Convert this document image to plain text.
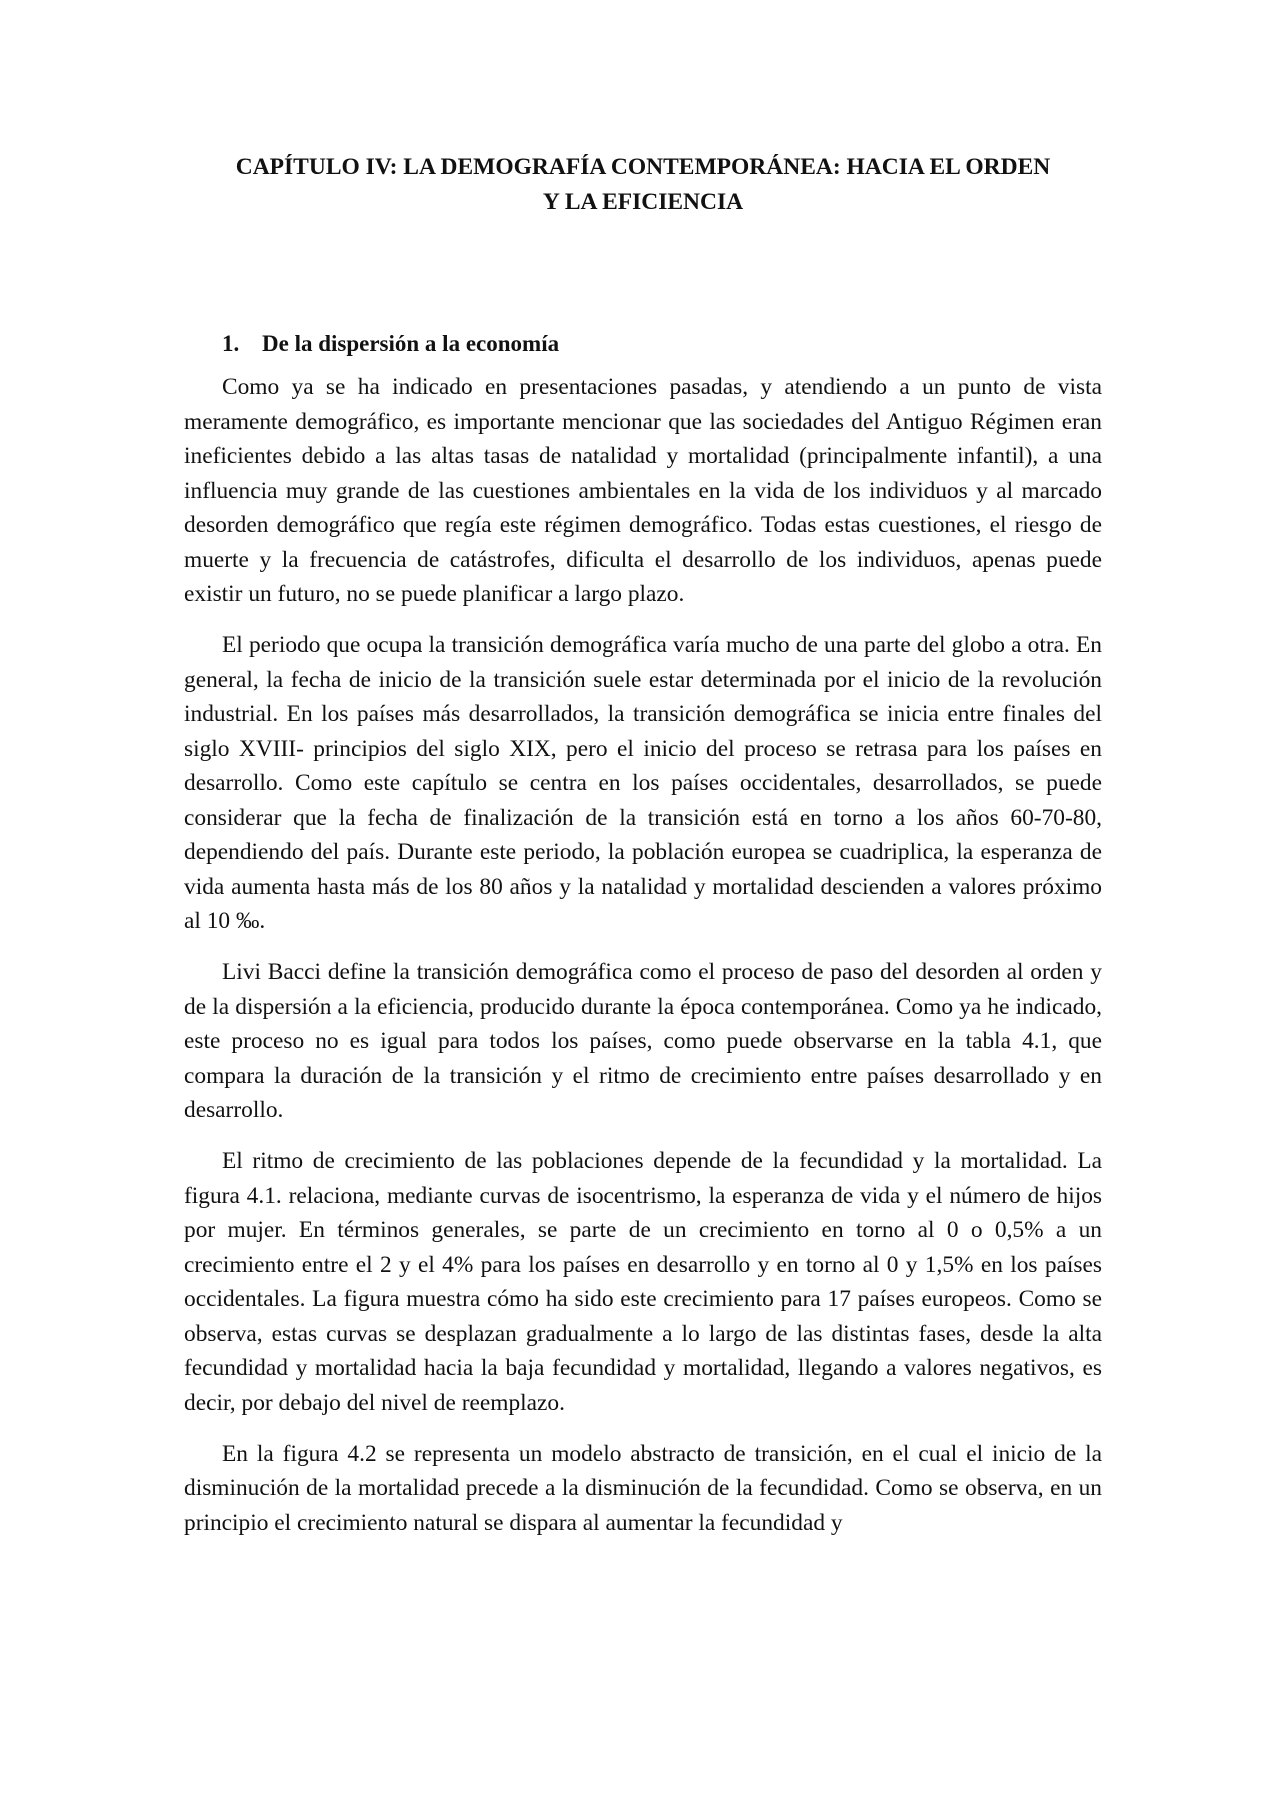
CAPÍTULO IV: LA DEMOGRAFÍA CONTEMPORÁNEA: HACIA EL ORDEN
Y LA EFICIENCIA
1. De la dispersión a la economía

Como ya se ha indicado en presentaciones pasadas, y atendiendo a un punto de vista meramente demográfico, es importante mencionar que las sociedades del Antiguo Régimen eran ineficientes debido a las altas tasas de natalidad y mortalidad (principalmente infantil), a una influencia muy grande de las cuestiones ambientales en la vida de los individuos y al marcado desorden demográfico que regía este régimen demográfico. Todas estas cuestiones, el riesgo de muerte y la frecuencia de catástrofes, dificulta el desarrollo de los individuos, apenas puede existir un futuro, no se puede planificar a largo plazo.

El periodo que ocupa la transición demográfica varía mucho de una parte del globo a otra. En general, la fecha de inicio de la transición suele estar determinada por el inicio de la revolución industrial. En los países más desarrollados, la transición demográfica se inicia entre finales del siglo XVIII- principios del siglo XIX, pero el inicio del proceso se retrasa para los países en desarrollo. Como este capítulo se centra en los países occidentales, desarrollados, se puede considerar que la fecha de finalización de la transición está en torno a los años 60-70-80, dependiendo del país. Durante este periodo, la población europea se cuadriplica, la esperanza de vida aumenta hasta más de los 80 años y la natalidad y mortalidad descienden a valores próximo al 10 ‰.

Livi Bacci define la transición demográfica como el proceso de paso del desorden al orden y de la dispersión a la eficiencia, producido durante la época contemporánea. Como ya he indicado, este proceso no es igual para todos los países, como puede observarse en la tabla 4.1, que compara la duración de la transición y el ritmo de crecimiento entre países desarrollado y en desarrollo.

El ritmo de crecimiento de las poblaciones depende de la fecundidad y la mortalidad. La figura 4.1. relaciona, mediante curvas de isocentrismo, la esperanza de vida y el número de hijos por mujer. En términos generales, se parte de un crecimiento en torno al 0 o 0,5% a un crecimiento entre el 2 y el 4% para los países en desarrollo y en torno al 0 y 1,5% en los países occidentales. La figura muestra cómo ha sido este crecimiento para 17 países europeos. Como se observa, estas curvas se desplazan gradualmente a lo largo de las distintas fases, desde la alta fecundidad y mortalidad hacia la baja fecundidad y mortalidad, llegando a valores negativos, es decir, por debajo del nivel de reemplazo.

En la figura 4.2 se representa un modelo abstracto de transición, en el cual el inicio de la disminución de la mortalidad precede a la disminución de la fecundidad. Como se observa, en un principio el crecimiento natural se dispara al aumentar la fecundidad y
